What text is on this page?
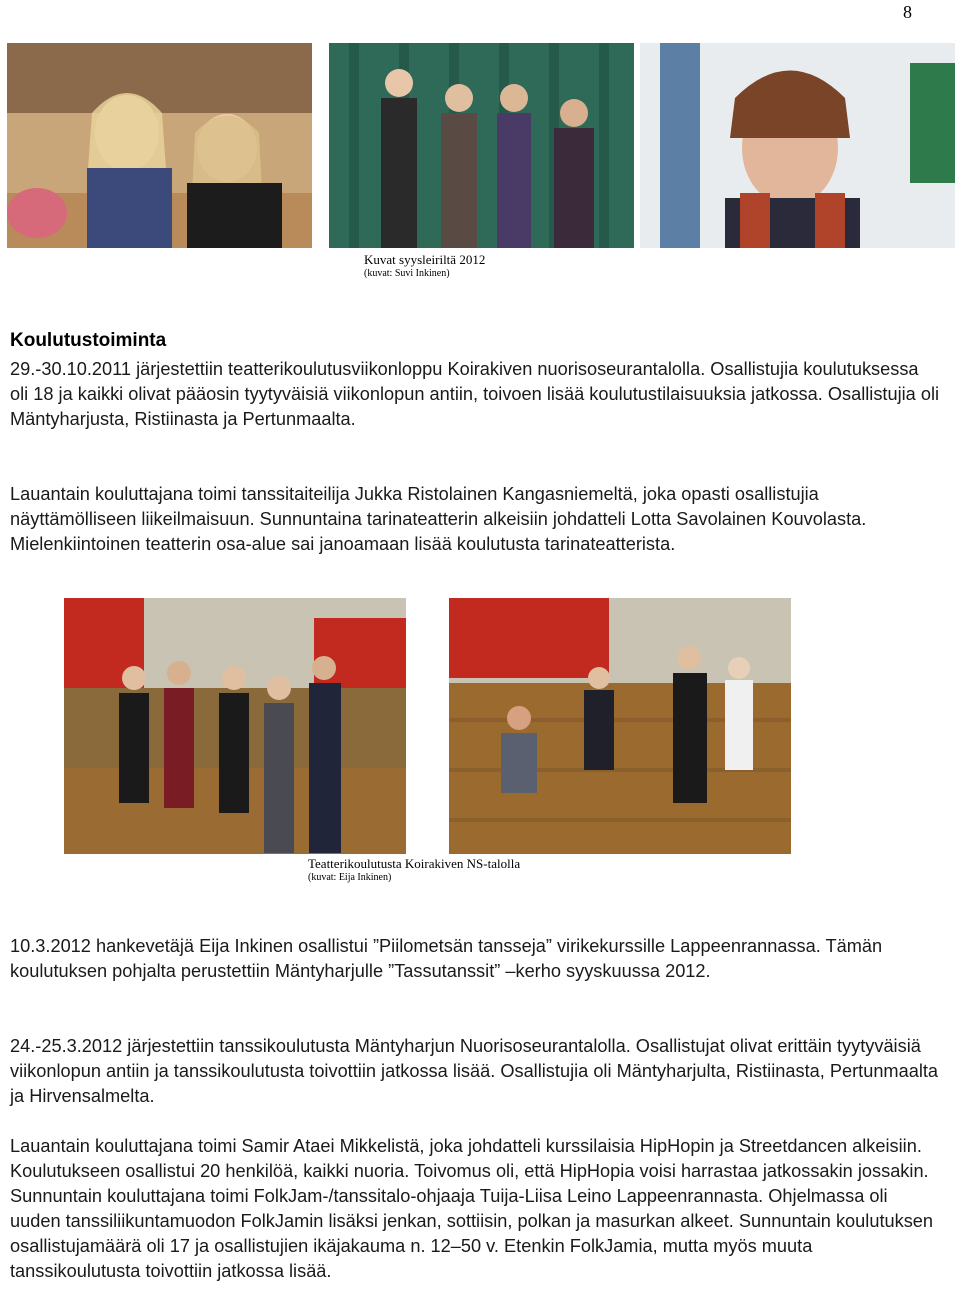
8
Kuvat syysleiriltä 2012
(kuvat: Suvi Inkinen)
Koulutustoiminta

29.-30.10.2011 järjestettiin teatterikoulutusviikonloppu Koirakiven nuorisoseurantalolla. Osallistujia koulutuksessa oli 18 ja kaikki olivat pääosin tyytyväisiä viikonlopun antiin, toivoen lisää koulutustilaisuuksia jatkossa. Osallistujia oli Mäntyharjusta, Ristiinasta ja Pertunmaalta.

Lauantain kouluttajana toimi tanssitaiteilija Jukka Ristolainen Kangasniemeltä, joka opasti osallistujia näyttämölliseen liikeilmaisuun. Sunnuntaina tarinateatterin alkeisiin johdatteli Lotta Savolainen Kouvolasta. Mielenkiintoinen teatterin osa-alue sai janoamaan lisää koulutusta tarinateatterista.

Teatterikoulutusta Koirakiven NS-talolla
(kuvat: Eija Inkinen)

10.3.2012 hankevetäjä Eija Inkinen osallistui ”Piilometsän tansseja” virikekurssille Lappeenrannassa. Tämän koulutuksen pohjalta perustettiin Mäntyharjulle ”Tassutanssit” –kerho syyskuussa 2012.

24.-25.3.2012 järjestettiin tanssikoulutusta Mäntyharjun Nuorisoseurantalolla. Osallistujat olivat erittäin tyytyväisiä viikonlopun antiin ja tanssikoulutusta toivottiin jatkossa lisää. Osallistujia oli Mäntyharjulta, Ristiinasta, Pertunmaalta ja Hirvensalmelta.

Lauantain kouluttajana toimi Samir Ataei Mikkelistä, joka johdatteli kurssilaisia HipHopin ja Streetdancen alkeisiin. Koulutukseen osallistui 20 henkilöä, kaikki nuoria. Toivomus oli, että HipHopia voisi harrastaa jatkossakin jossakin. Sunnuntain kouluttajana toimi FolkJam-/tanssitalo-ohjaaja Tuija-Liisa Leino Lappeenrannasta. Ohjelmassa oli uuden tanssiliikuntamuodon FolkJamin lisäksi jenkan, sottiisin, polkan ja masurkan alkeet. Sunnuntain koulutuksen osallistujamäärä oli 17 ja osallistujien ikäjakauma n. 12–50 v. Etenkin FolkJamia, mutta myös muuta tanssikoulutusta toivottiin jatkossa lisää.
